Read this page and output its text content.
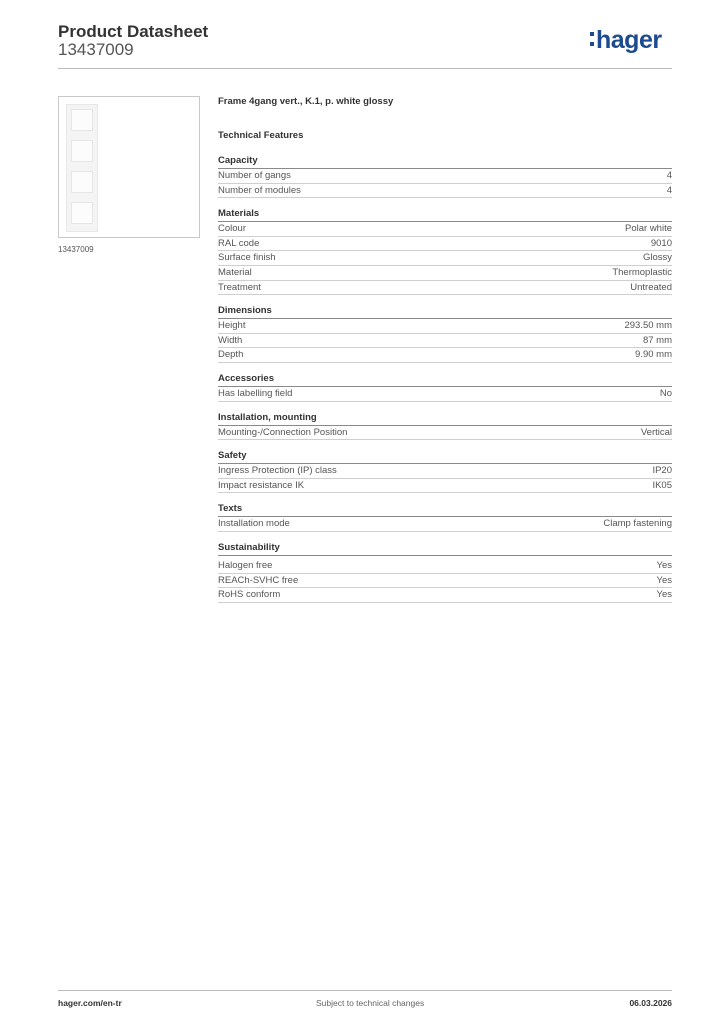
Product Datasheet
13437009	hager
13437009
Frame 4gang vert., K.1, p. white glossy
Technical Features
Capacity
Number of gangs	4
Number of modules	4
Materials
Colour	Polar white
RAL code	9010
Surface finish	Glossy
Material	Thermoplastic
Treatment	Untreated
Dimensions
Height	293.50 mm
Width	87 mm
Depth	9.90 mm
Accessories
Has labelling field	No
Installation, mounting
Mounting-/Connection Position	Vertical
Safety
Ingress Protection (IP) class	IP20
Impact resistance IK	IK05
Texts
Installation mode	Clamp fastening
Sustainability
Halogen free	Yes
REACh-SVHC free	Yes
RoHS conform	Yes
hager.com/en-tr	Subject to technical changes	06.03.2026
